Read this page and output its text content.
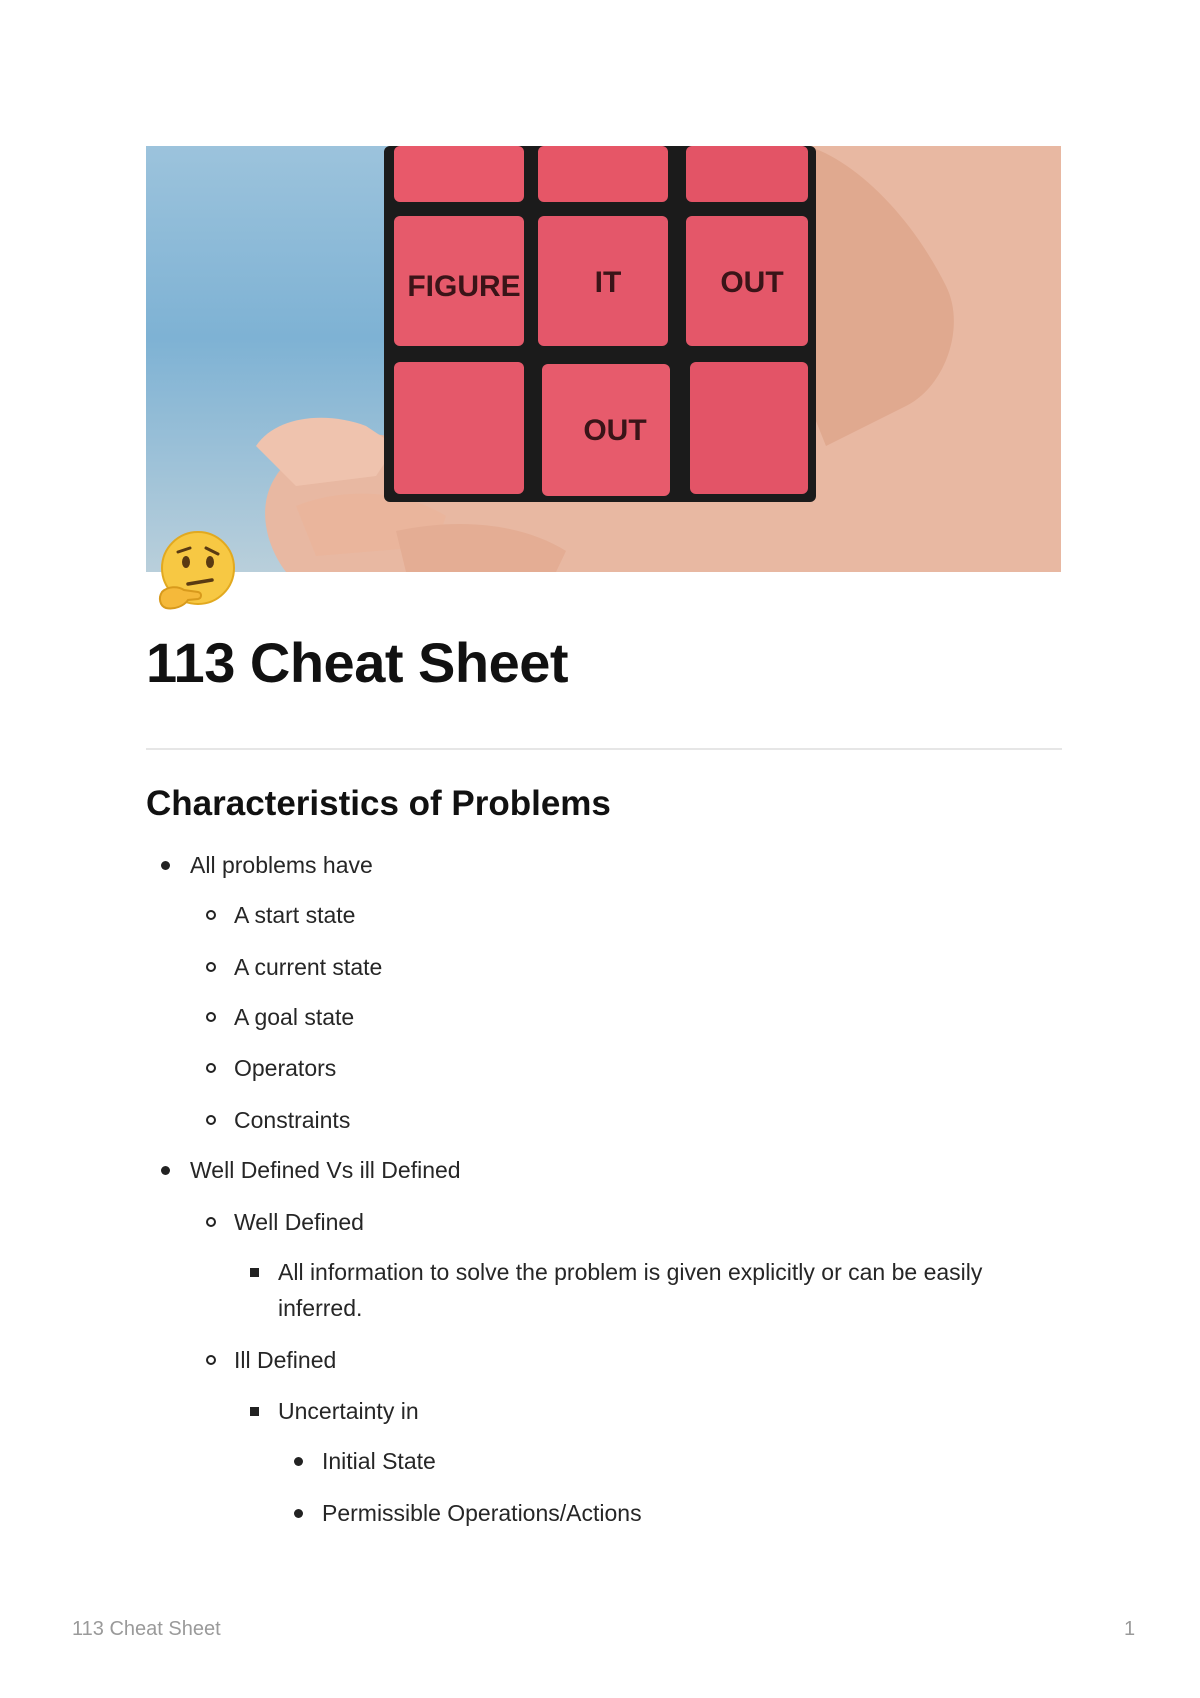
FIGURE IT	OUT
OUT
113 Cheat Sheet
Characteristics of Problems
All problems have
A start state
A current state
A goal state
Operators
Constraints
Well Defined Vs ill Defined
Well Defined
All information to solve the problem is given explicitly or can be easily
inferred.
Ill Defined
Uncertainty in
Initial State
Permissible Operations/Actions
113 Cheat Sheet	1
